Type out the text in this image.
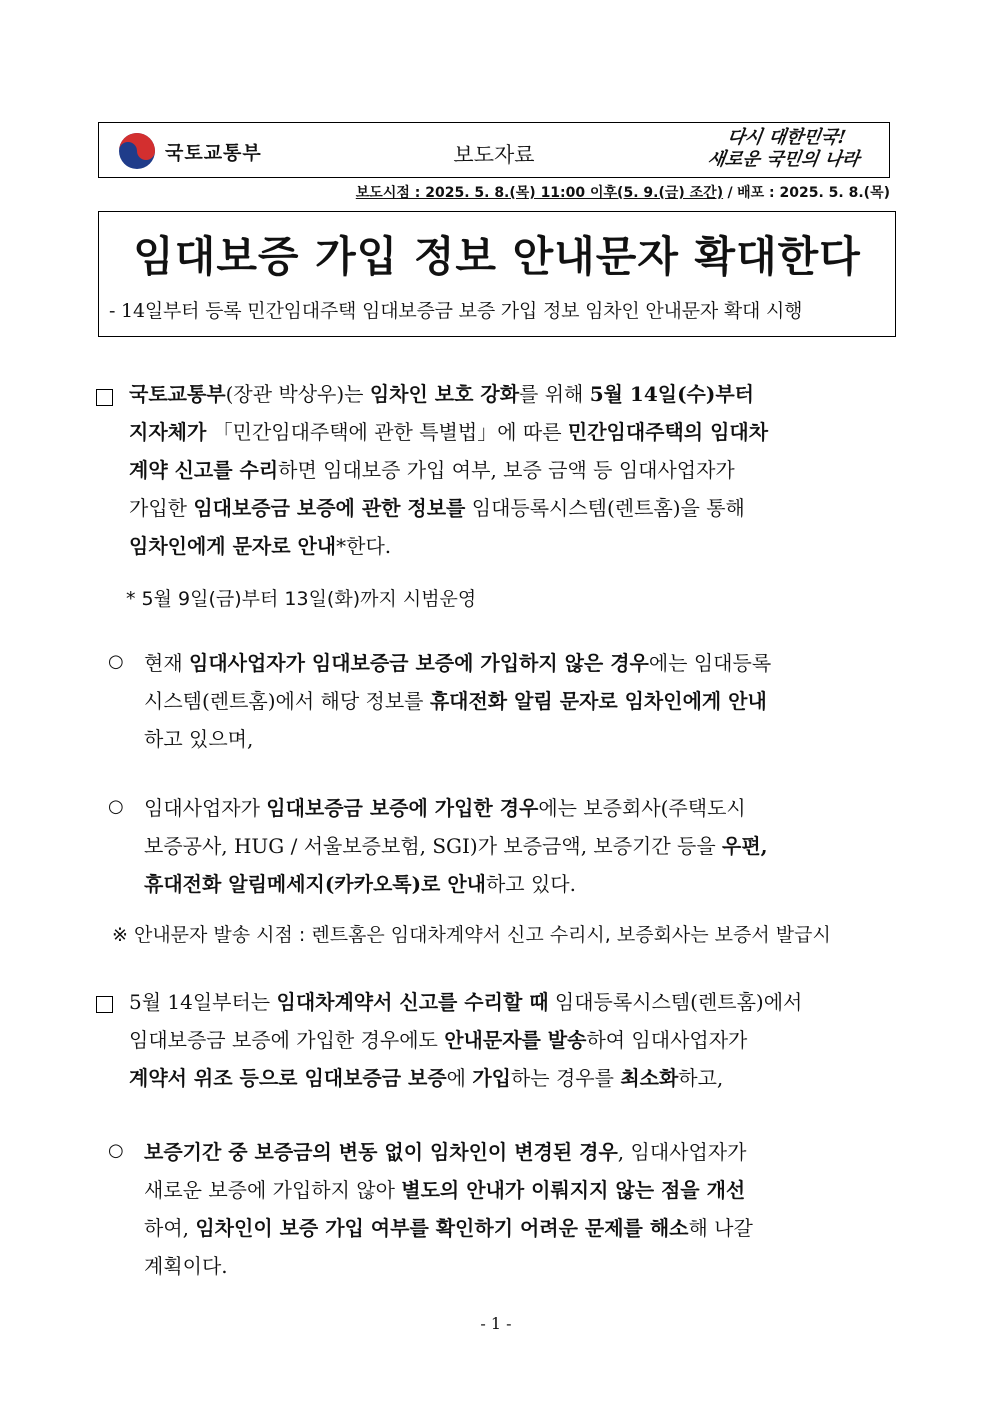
국토교통부	보도자료
다시 대한민국!
새로운 국민의 나라
보도시점 : 2025. 5. 8.(목) 11:00 이후(5. 9.(금) 조간) / 배포 : 2025. 5. 8.(목)
임대보증 가입 정보 안내문자 확대한다
- 14일부터 등록 민간임대주택 임대보증금 보증 가입 정보 임차인 안내문자 확대 시행
국토교통부(장관 박상우)는 임차인 보호 강화를 위해 5월 14일(수)부터
지자체가 「민간임대주택에 관한 특별법」에 따른 민간임대주택의 임대차
계약 신고를 수리하면 임대보증 가입 여부, 보증 금액 등 임대사업자가
가입한 임대보증금 보증에 관한 정보를 임대등록시스템(렌트홈)을 통해
임차인에게 문자로 안내*한다.
* 5월 9일(금)부터 13일(화)까지 시범운영
○ 현재 임대사업자가 임대보증금 보증에 가입하지 않은 경우에는 임대등록
시스템(렌트홈)에서 해당 정보를 휴대전화 알림 문자로 임차인에게 안내
하고 있으며,
○ 임대사업자가 임대보증금 보증에 가입한 경우에는 보증회사(주택도시
보증공사, HUG / 서울보증보험, SGI)가 보증금액, 보증기간 등을 우편,
휴대전화 알림메세지(카카오톡)로 안내하고 있다.
※ 안내문자 발송 시점 : 렌트홈은 임대차계약서 신고 수리시, 보증회사는 보증서 발급시
5월 14일부터는 임대차계약서 신고를 수리할 때 임대등록시스템(렌트홈)에서
임대보증금 보증에 가입한 경우에도 안내문자를 발송하여 임대사업자가
계약서 위조 등으로 임대보증금 보증에 가입하는 경우를 최소화하고,
○ 보증기간 중 보증금의 변동 없이 임차인이 변경된 경우, 임대사업자가
새로운 보증에 가입하지 않아 별도의 안내가 이뤄지지 않는 점을 개선
하여, 임차인이 보증 가입 여부를 확인하기 어려운 문제를 해소해 나갈
계획이다.
- 1 -
